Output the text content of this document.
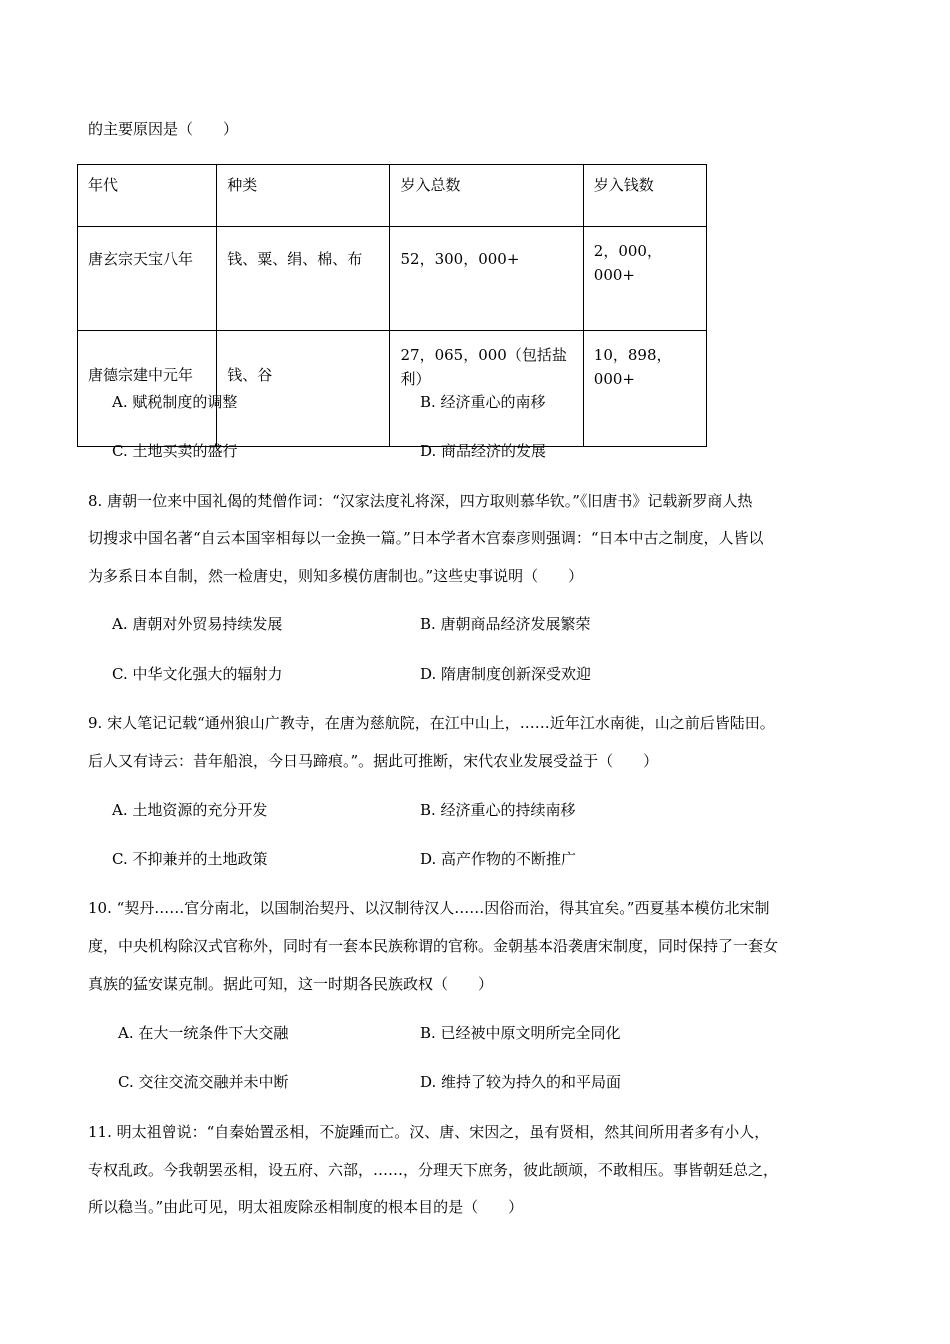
的主要原因是（　　）
年代	种类	岁入总数	岁入钱数
唐玄宗天宝八年	钱、粟、绢、棉、布	52，300，000+	2，000，000+
唐德宗建中元年	钱、谷	27，065，000（包括盐利）	10，898，000+
A. 赋税制度的调整	B. 经济重心的南移
C. 土地买卖的盛行	D. 商品经济的发展
8. 唐朝一位来中国礼偈的梵僧作词：“汉家法度礼将深，四方取则慕华钦。”《旧唐书》记载新罗商人热
切搜求中国名著“自云本国宰相每以一金换一篇。”日本学者木宫泰彦则强调：“日本中古之制度，人皆以
为多系日本自制，然一检唐史，则知多模仿唐制也。”这些史事说明（　　）
A. 唐朝对外贸易持续发展	B. 唐朝商品经济发展繁荣
C. 中华文化强大的辐射力	D. 隋唐制度创新深受欢迎
9. 宋人笔记记载“通州狼山广教寺，在唐为慈航院，在江中山上，……近年江水南徙，山之前后皆陆田。
后人又有诗云：昔年船浪，今日马蹄痕。”。据此可推断，宋代农业发展受益于（　　）
A. 土地资源的充分开发	B. 经济重心的持续南移
C. 不抑兼并的土地政策	D. 高产作物的不断推广
10. “契丹……官分南北，以国制治契丹、以汉制待汉人……因俗而治，得其宜矣。”西夏基本模仿北宋制
度，中央机构除汉式官称外，同时有一套本民族称谓的官称。金朝基本沿袭唐宋制度，同时保持了一套女
真族的猛安谋克制。据此可知，这一时期各民族政权（　　）
A. 在大一统条件下大交融	B. 已经被中原文明所完全同化
C. 交往交流交融并未中断	D. 维持了较为持久的和平局面
11. 明太祖曾说：“自秦始置丞相，不旋踵而亡。汉、唐、宋因之，虽有贤相，然其间所用者多有小人，
专权乱政。今我朝罢丞相，设五府、六部，……，分理天下庶务，彼此颉颃，不敢相压。事皆朝廷总之，
所以稳当。”由此可见，明太祖废除丞相制度的根本目的是（　　）
